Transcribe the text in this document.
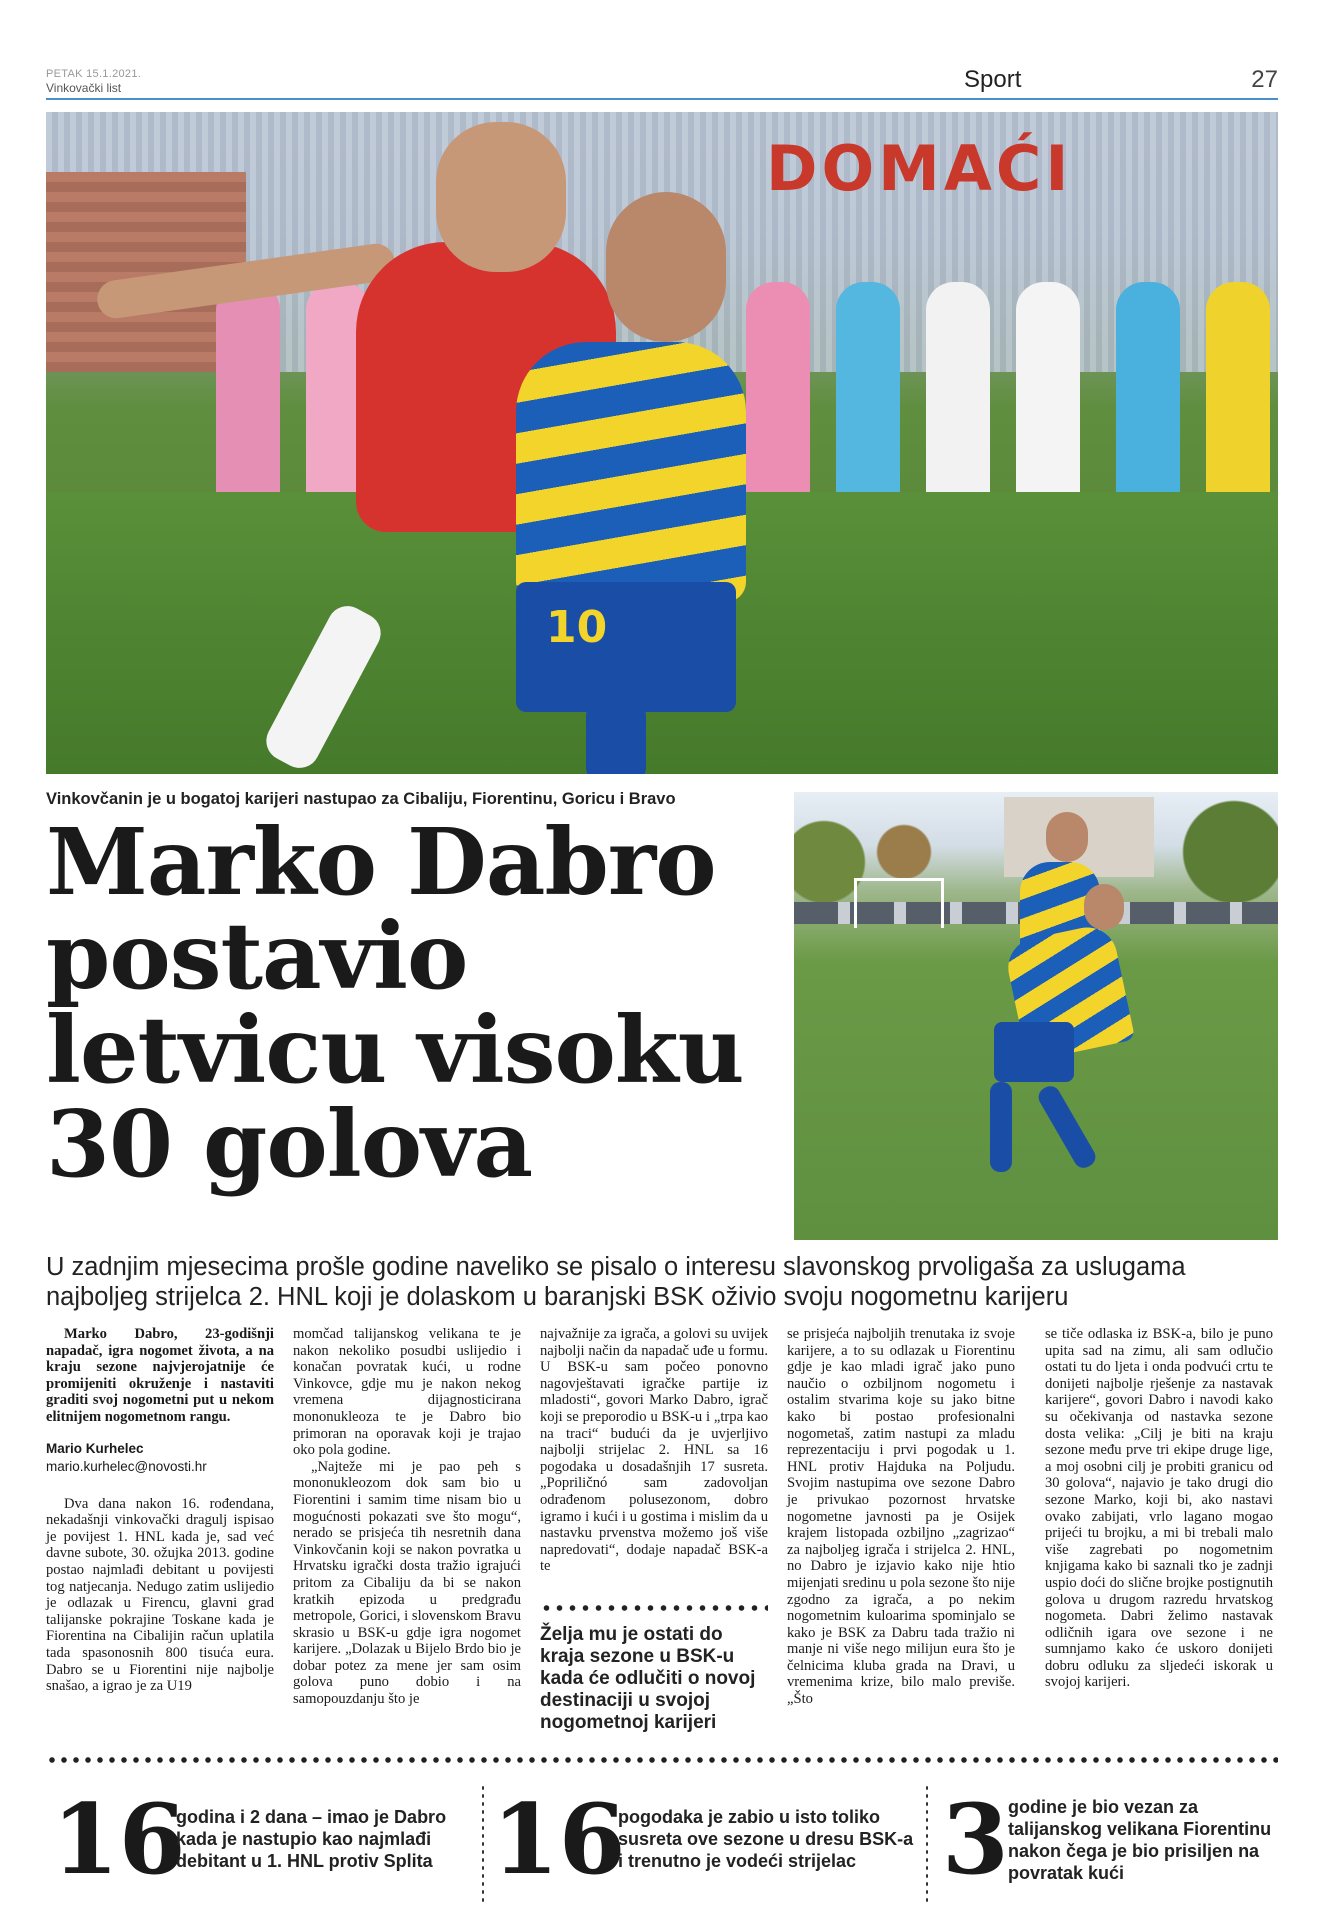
PETAK 15.1.2021.
Vinkovački list	Sport	27
DOMAĆI
10
Vinkovčanin je u bogatoj karijeri nastupao za Cibaliju, Fiorentinu, Goricu i Bravo
Marko Dabro
postavio
letvicu visoku
30 golova
U zadnjim mjesecima prošle godine naveliko se pisalo o interesu slavonskog prvoligaša za uslugama najboljeg strijelca 2. HNL koji je dolaskom u baranjski BSK oživio svoju nogometnu karijeru

Marko Dabro, 23-godišnji napadač, igra nogomet života, a na kraju sezone najvjerojatnije će promijeniti okruženje i nastaviti graditi svoj nogometni put u nekom elitnijem nogometnom rangu.

Mario Kurhelec
mario.kurhelec@novosti.hr

Dva dana nakon 16. rođendana, nekadašnji vinkovački dragulj ispisao je povijest 1. HNL kada je, sad već davne subote, 30. ožujka 2013. godine postao najmlađi debitant u povijesti tog natjecanja. Nedugo zatim uslijedio je odlazak u Firencu, glavni grad talijanske pokrajine Toskane kada je Fiorentina na Cibalijin račun uplatila tada spasonosnih 800 tisuća eura. Dabro se u Fiorentini nije najbolje snašao, a igrao je za U19

momčad talijanskog velikana te je nakon nekoliko posudbi uslijedio i konačan povratak kući, u rodne Vinkovce, gdje mu je nakon nekog vremena dijagnosticirana mononukleoza te je Dabro bio primoran na oporavak koji je trajao oko pola godine.

„Najteže mi je pao peh s mononukleozom dok sam bio u Fiorentini i samim time nisam bio u mogućnosti pokazati sve što mogu“, nerado se prisjeća tih nesretnih dana Vinkovčanin koji se nakon povratka u Hrvatsku igrački dosta tražio igrajući pritom za Cibaliju da bi se nakon kratkih epizoda u predgrađu metropole, Gorici, i slovenskom Bravu skrasio u BSK-u gdje igra nogomet karijere. „Dolazak u Bijelo Brdo bio je dobar potez za mene jer sam osim golova puno dobio i na samopouzdanju što je

najvažnije za igrača, a golovi su uvijek najbolji način da napadač uđe u formu. U BSK-u sam počeo ponovno nagovještavati igračke partije iz mladosti“, govori Marko Dabro, igrač koji se preporodio u BSK-u i „trpa kao na traci“ budući da je uvjerljivo najbolji strijelac 2. HNL sa 16 pogodaka u dosadašnjih 17 susreta. „Popriličnó sam zadovoljan odrađenom polusezonom, dobro igramo i kući i u gostima i mislim da u nastavku prvenstva možemo još više napredovati“, dodaje napadač BSK-a te

Želja mu je ostati do kraja sezone u BSK-u kada će odlučiti o novoj destinaciji u svojoj nogometnoj karijeri

se prisjeća najboljih trenutaka iz svoje karijere, a to su odlazak u Fiorentinu gdje je kao mladi igrač jako puno naučio o ozbiljnom nogometu i ostalim stvarima koje su jako bitne kako bi postao profesionalni nogometaš, zatim nastupi za mladu reprezentaciju i prvi pogodak u 1. HNL protiv Hajduka na Poljudu. Svojim nastupima ove sezone Dabro je privukao pozornost hrvatske nogometne javnosti pa je Osijek krajem listopada ozbiljno „zagrizao“ za najboljeg igrača i strijelca 2. HNL, no Dabro je izjavio kako nije htio mijenjati sredinu u pola sezone što nije zgodno za igrača, a po nekim nogometnim kuloarima spominjalo se kako je BSK za Dabru tada tražio ni manje ni više nego milijun eura što je čelnicima kluba grada na Dravi, u vremenima krize, bilo malo previše. „Što

se tiče odlaska iz BSK-a, bilo je puno upita sad na zimu, ali sam odlučio ostati tu do ljeta i onda podvući crtu te donijeti najbolje rješenje za nastavak karijere“, govori Dabro i navodi kako su očekivanja od nastavka sezone dosta velika: „Cilj je biti na kraju sezone među prve tri ekipe druge lige, a moj osobni cilj je probiti granicu od 30 golova“, najavio je tako drugi dio sezone Marko, koji bi, ako nastavi ovako zabijati, vrlo lagano mogao prijeći tu brojku, a mi bi trebali malo više zagrebati po nogometnim knjigama kako bi saznali tko je zadnji uspio doći do slične brojke postignutih golova u drugom razredu hrvatskog nogometa. Dabri želimo nastavak odličnih igara ove sezone i ne sumnjamo kako će uskoro donijeti dobru odluku za sljedeći iskorak u svojoj karijeri.

16
godina i 2 dana – imao je Dabro kada je nastupio kao najmlađi debitant u 1. HNL protiv Splita 16
pogodaka je zabio u isto toliko susreta ove sezone u dresu BSK-a i trenutno je vodeći strijelac 3 godine je bio vezan za talijanskog velikana Fiorentinu nakon čega je bio prisiljen na povratak kući
